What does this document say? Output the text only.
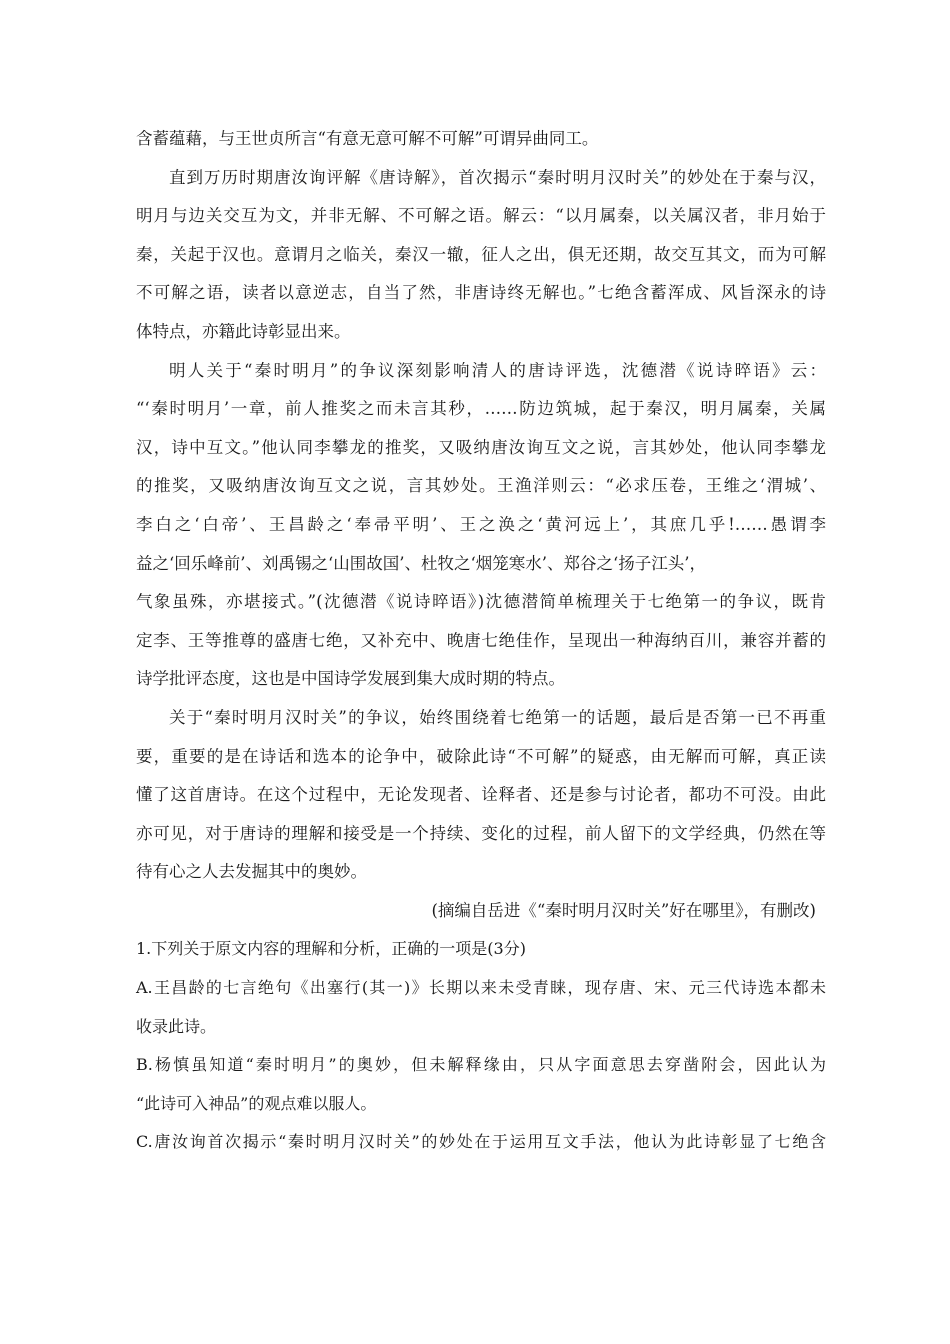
含蓄蕴藉，与王世贞所言“有意无意可解不可解”可谓异曲同工。
直到万历时期唐汝询评解《唐诗解》，首次揭示“秦时明月汉时关”的妙处在于秦与汉，
明月与边关交互为文，并非无解、不可解之语。解云：“以月属秦，以关属汉者，非月始于
秦，关起于汉也。意谓月之临关，秦汉一辙，征人之出，俱无还期，故交互其文，而为可解
不可解之语，读者以意逆志，自当了然，非唐诗终无解也。”七绝含蓄浑成、风旨深永的诗
体特点，亦籍此诗彰显出来。
明人关于“秦时明月”的争议深刻影响清人的唐诗评选，沈德潜《说诗晬语》云：
“‘秦时明月’一章，前人推奖之而未言其秒，……防边筑城，起于秦汉，明月属秦，关属
汉，诗中互文。”他认同李攀龙的推奖，又吸纳唐汝询互文之说，言其妙处，他认同李攀龙
的推奖，又吸纳唐汝询互文之说，言其妙处。王渔洋则云：“必求压卷，王维之‘渭城’、
李白之‘白帝’、王昌龄之‘奉帚平明’、王之涣之‘黄河远上’，其庶几乎!……愚谓李
益之‘回乐峰前’、刘禹锡之‘山围故国’、杜牧之‘烟笼寒水’、郑谷之‘扬子江头’，
气象虽殊，亦堪接式。”(沈德潜《说诗晬语》)沈德潜简单梳理关于七绝第一的争议，既肯
定李、王等推尊的盛唐七绝，又补充中、晚唐七绝佳作，呈现出一种海纳百川，兼容并蓄的
诗学批评态度，这也是中国诗学发展到集大成时期的特点。
关于“秦时明月汉时关”的争议，始终围绕着七绝第一的话题，最后是否第一已不再重
要，重要的是在诗话和选本的论争中，破除此诗“不可解”的疑惑，由无解而可解，真正读
懂了这首唐诗。在这个过程中，无论发现者、诠释者、还是参与讨论者，都功不可没。由此
亦可见，对于唐诗的理解和接受是一个持续、变化的过程，前人留下的文学经典，仍然在等
待有心之人去发掘其中的奥妙。
(摘编自岳进《“秦时明月汉时关”好在哪里》，有删改)
1.下列关于原文内容的理解和分析，正确的一项是(3分)
A.王昌龄的七言绝句《出塞行(其一)》长期以来未受青睐，现存唐、宋、元三代诗选本都未
收录此诗。
B.杨慎虽知道“秦时明月”的奥妙，但未解释缘由，只从字面意思去穿凿附会，因此认为
“此诗可入神品”的观点难以服人。
C.唐汝询首次揭示“秦时明月汉时关”的妙处在于运用互文手法，他认为此诗彰显了七绝含
